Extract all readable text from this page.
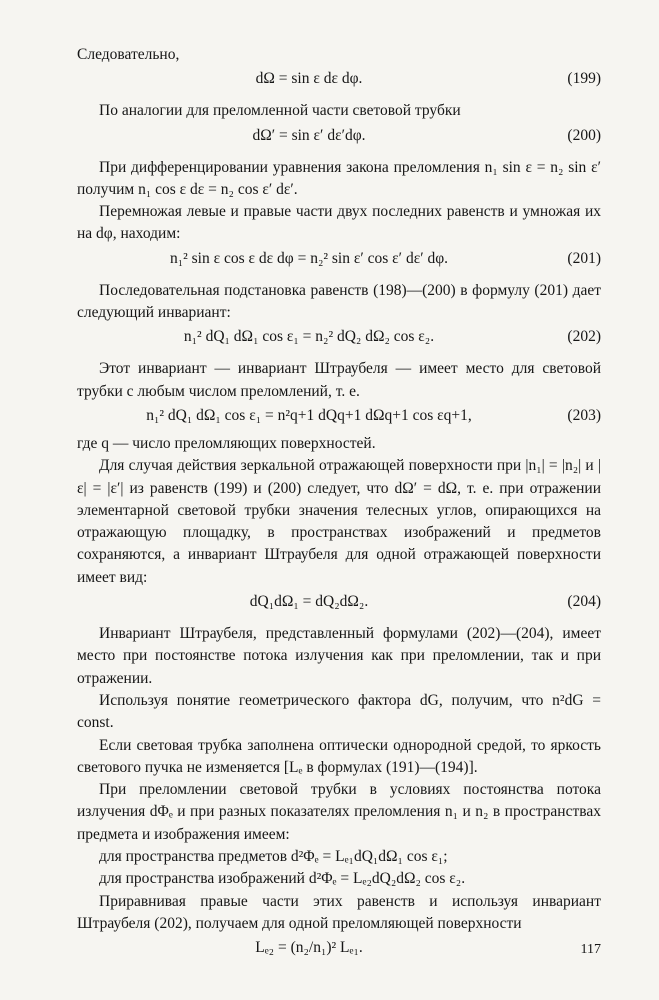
Следовательно,

dΩ = sin ε dε dφ.	(199)

По аналогии для преломленной части световой трубки

dΩ′ = sin ε′ dε′dφ.	(200)

При дифференцировании уравнения закона преломления n₁ sin ε = n₂ sin ε′ получим n₁ cos ε dε = n₂ cos ε′ dε′.

Перемножая левые и правые части двух последних равенств и умножая их на dφ, находим:

n₁² sin ε cos ε dε dφ = n₂² sin ε′ cos ε′ dε′ dφ.	(201)

Последовательная подстановка равенств (198)—(200) в формулу (201) дает следующий инвариант:

n₁² dQ₁ dΩ₁ cos ε₁ = n₂² dQ₂ dΩ₂ cos ε₂.	(202)

Этот инвариант — инвариант Штраубеля — имеет место для световой трубки с любым числом преломлений, т. е.

n₁² dQ₁ dΩ₁ cos ε₁ = n²q+1 dQq+1 dΩq+1 cos εq+1,	(203)

где q — число преломляющих поверхностей.

Для случая действия зеркальной отражающей поверхности при |n₁| = |n₂| и |ε| = |ε′| из равенств (199) и (200) следует, что dΩ′ = dΩ, т. е. при отражении элементарной световой трубки значения телесных углов, опирающихся на отражающую площадку, в пространствах изображений и предметов сохраняются, а инвариант Штраубеля для одной отражающей поверхности имеет вид:

dQ₁dΩ₁ = dQ₂dΩ₂.	(204)

Инвариант Штраубеля, представленный формулами (202)—(204), имеет место при постоянстве потока излучения как при преломлении, так и при отражении.

Используя понятие геометрического фактора dG, получим, что n²dG = const.

Если световая трубка заполнена оптически однородной средой, то яркость светового пучка не изменяется [Lₑ в формулах (191)—(194)].

При преломлении световой трубки в условиях постоянства потока излучения dΦₑ и при разных показателях преломления n₁ и n₂ в пространствах предмета и изображения имеем:

для пространства предметов d²Φₑ = Lₑ₁dQ₁dΩ₁ cos ε₁;

для пространства изображений d²Φₑ = Lₑ₂dQ₂dΩ₂ cos ε₂.

Приравнивая правые части этих равенств и используя инвариант Штраубеля (202), получаем для одной преломляющей поверхности

Lₑ₂ = (n₂/n₁)² Lₑ₁.	117
